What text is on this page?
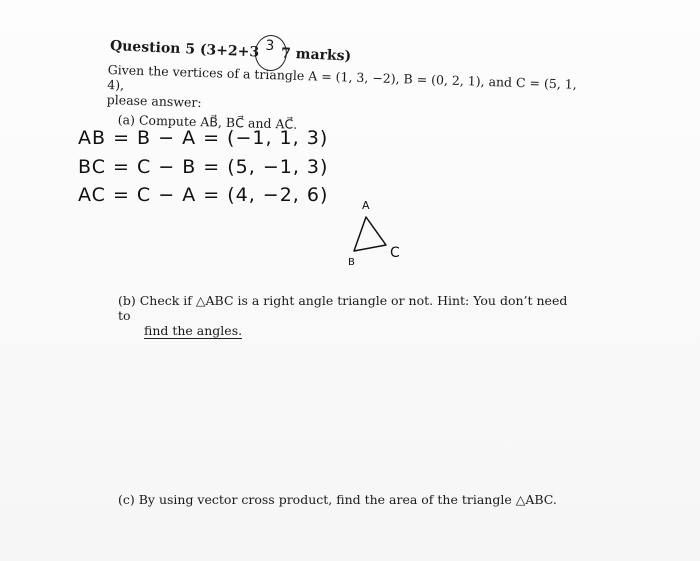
Question 5 (3+2+3 3 7 marks)
Given the vertices of a triangle A = (1, 3, −2), B = (0, 2, 1), and C = (5, 1, 4),
please answer:
(a) Compute AB⃗, BC⃗ and AC⃗.
AB = B − A = (−1, 1, 3)
BC = C − B = (5, −1, 3)
AC = C − A = (4, −2, 6)	A
B
C
(b) Check if △ABC is a right angle triangle or not. Hint: You don’t need to
find the angles.
(c) By using vector cross product, find the area of the triangle △ABC.
